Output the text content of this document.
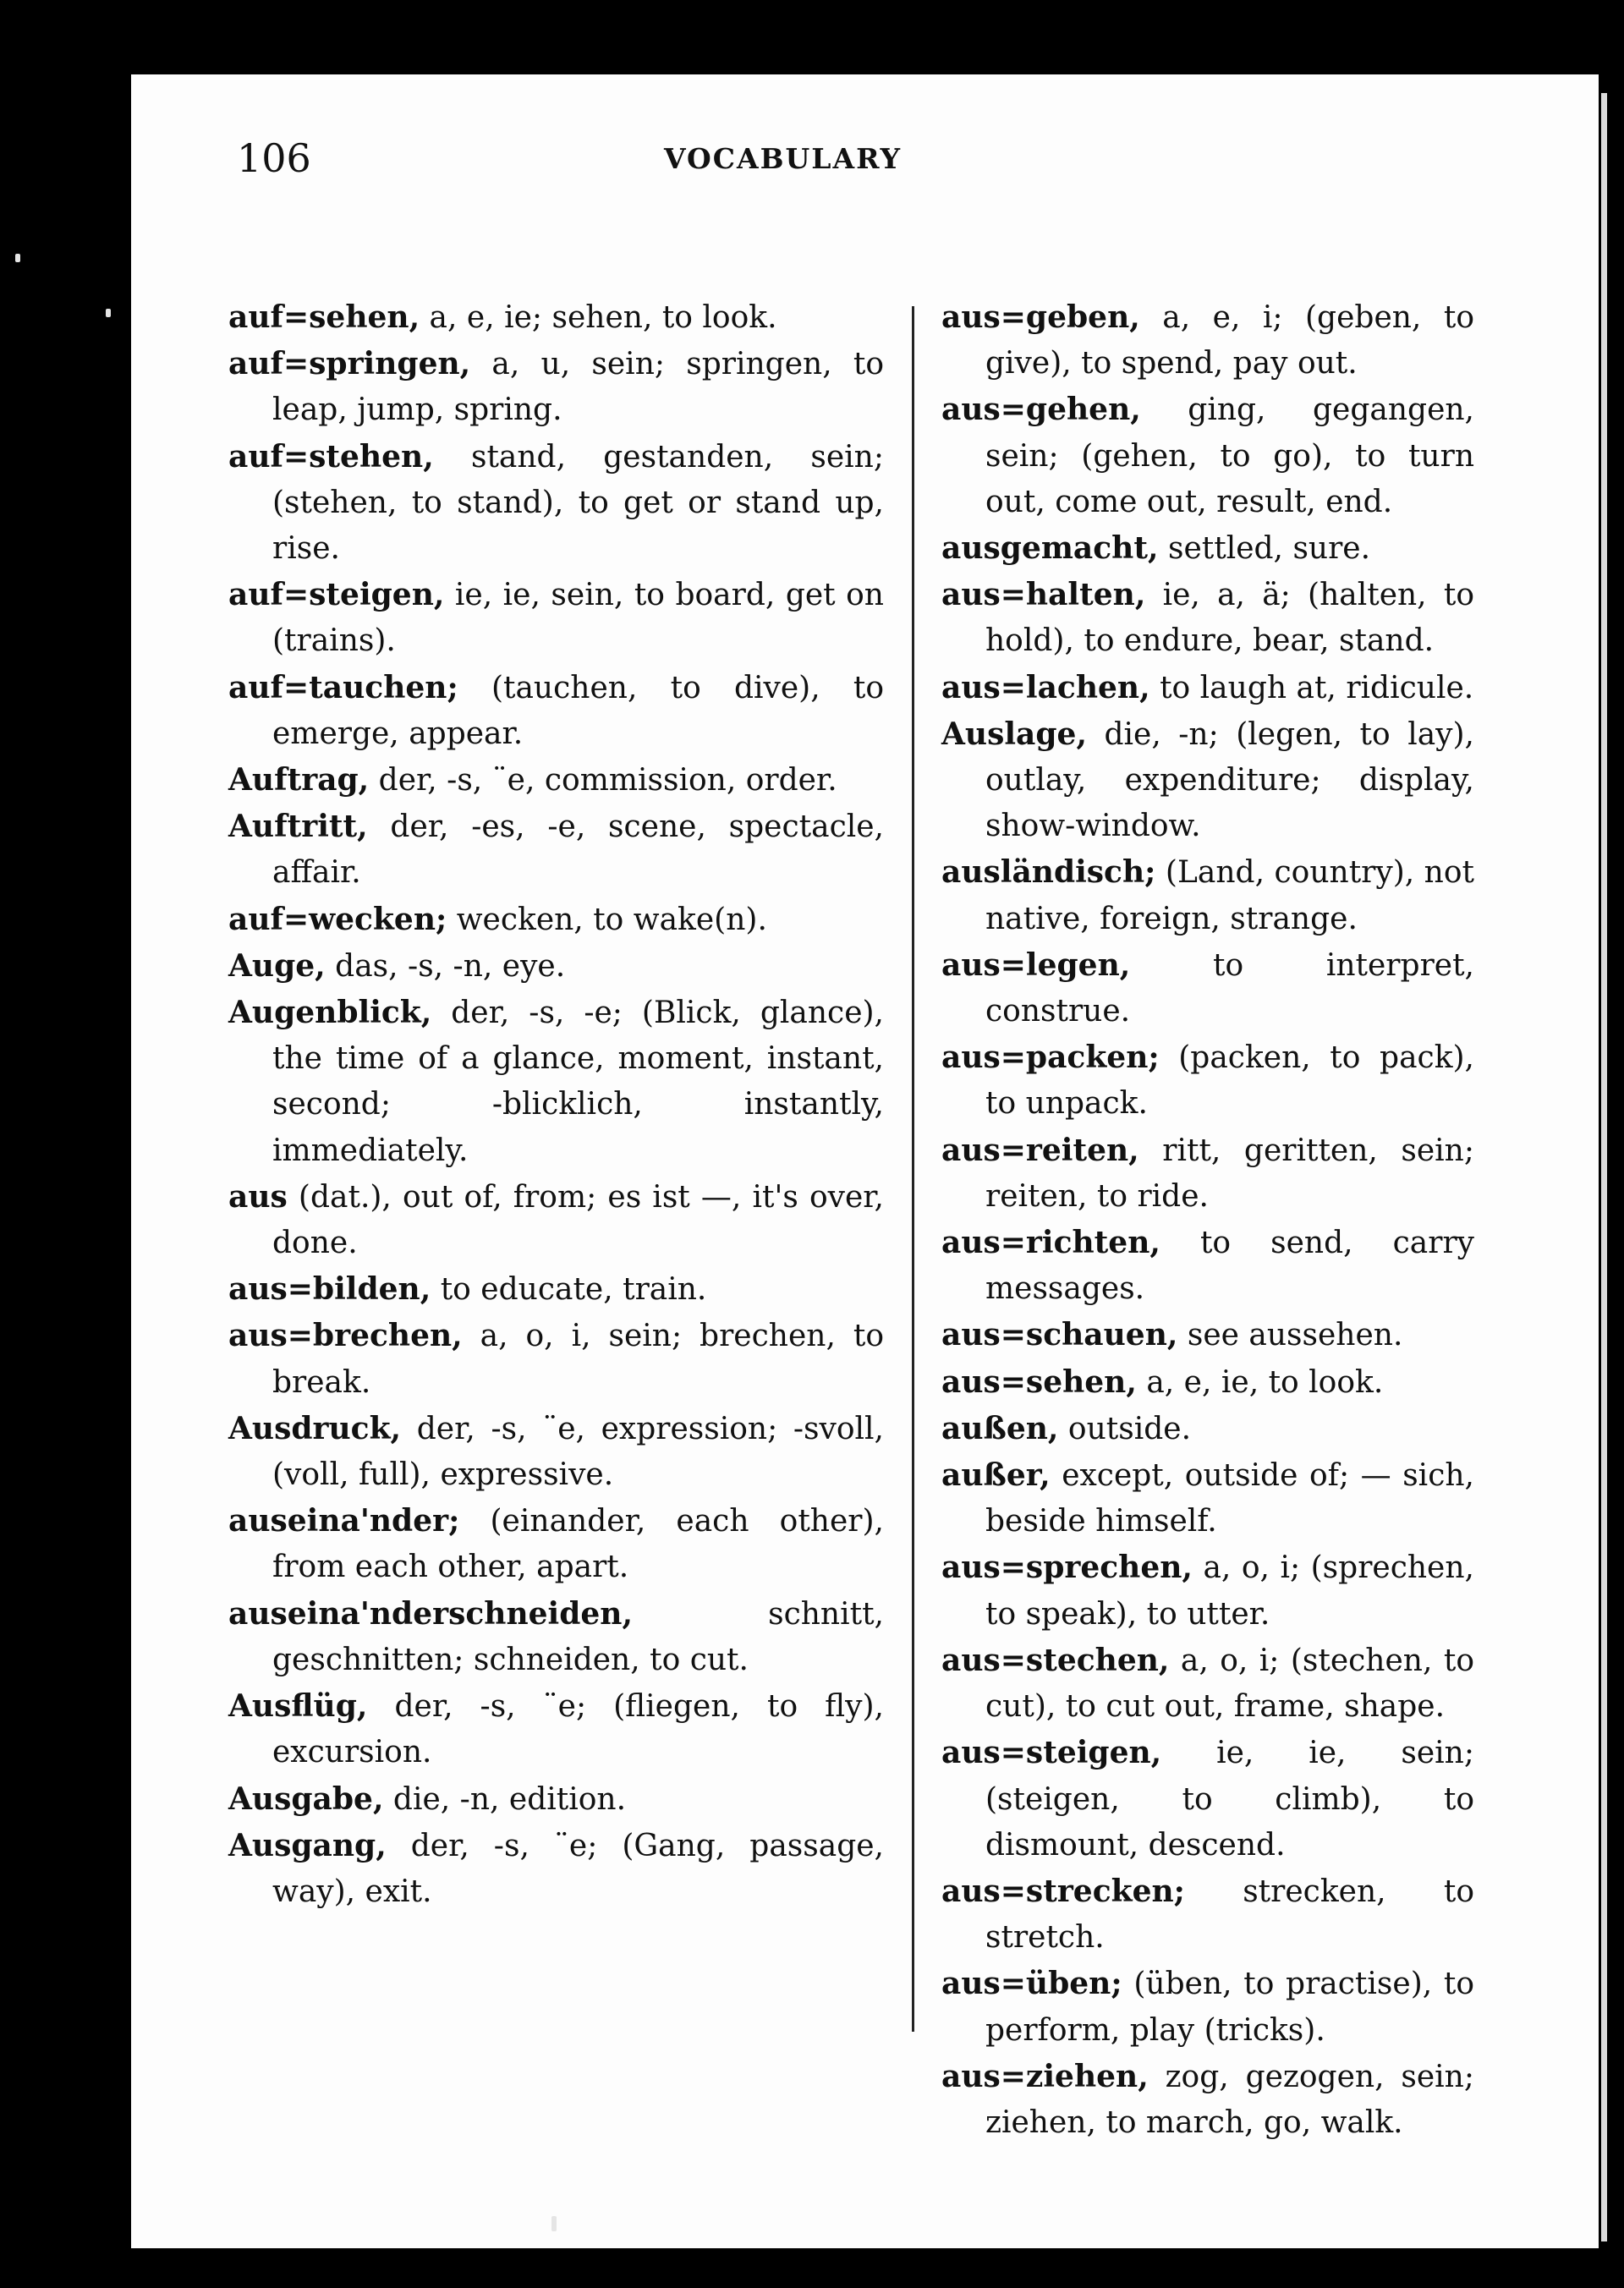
106	VOCABULARY

auf=sehen, a, e, ie; sehen, to look.

auf=springen, a, u, sein; springen, to leap, jump, spring.

auf=stehen, stand, gestanden, sein; (stehen, to stand), to get or stand up, rise.

auf=steigen, ie, ie, sein, to board, get on (trains).

auf=tauchen; (tauchen, to dive), to emerge, appear.

Auftrag, der, -s, ¨e, commission, order.

Auftritt, der, -es, -e, scene, spectacle, affair.

auf=wecken; wecken, to wake(n).

Auge, das, -s, -n, eye.

Augenblick, der, -s, -e; (Blick, glance), the time of a glance, moment, instant, second; -blicklich, instantly, immediately.

aus (dat.), out of, from; es ist —, it's over, done.

aus=bilden, to educate, train.

aus=brechen, a, o, i, sein; brechen, to break.

Ausdruck, der, -s, ¨e, expression; -svoll, (voll, full), expressive.

auseina'nder; (einander, each other), from each other, apart.

auseina'nderschneiden, schnitt, geschnitten; schneiden, to cut.

Ausflüg, der, -s, ¨e; (fliegen, to fly), excursion.

Ausgabe, die, -n, edition.

Ausgang, der, -s, ¨e; (Gang, passage, way), exit.

aus=geben, a, e, i; (geben, to give), to spend, pay out.

aus=gehen, ging, gegangen, sein; (gehen, to go), to turn out, come out, result, end.

ausgemacht, settled, sure.

aus=halten, ie, a, ä; (halten, to hold), to endure, bear, stand.

aus=lachen, to laugh at, ridicule.

Auslage, die, -n; (legen, to lay), outlay, expenditure; display, show-window.

ausländisch; (Land, country), not native, foreign, strange.

aus=legen, to interpret, construe.

aus=packen; (packen, to pack), to unpack.

aus=reiten, ritt, geritten, sein; reiten, to ride.

aus=richten, to send, carry messages.

aus=schauen, see aussehen.

aus=sehen, a, e, ie, to look.

außen, outside.

außer, except, outside of; — sich, beside himself.

aus=sprechen, a, o, i; (sprechen, to speak), to utter.

aus=stechen, a, o, i; (stechen, to cut), to cut out, frame, shape.

aus=steigen, ie, ie, sein; (steigen, to climb), to dismount, descend.

aus=strecken; strecken, to stretch.

aus=üben; (üben, to practise), to perform, play (tricks).

aus=ziehen, zog, gezogen, sein; ziehen, to march, go, walk.
